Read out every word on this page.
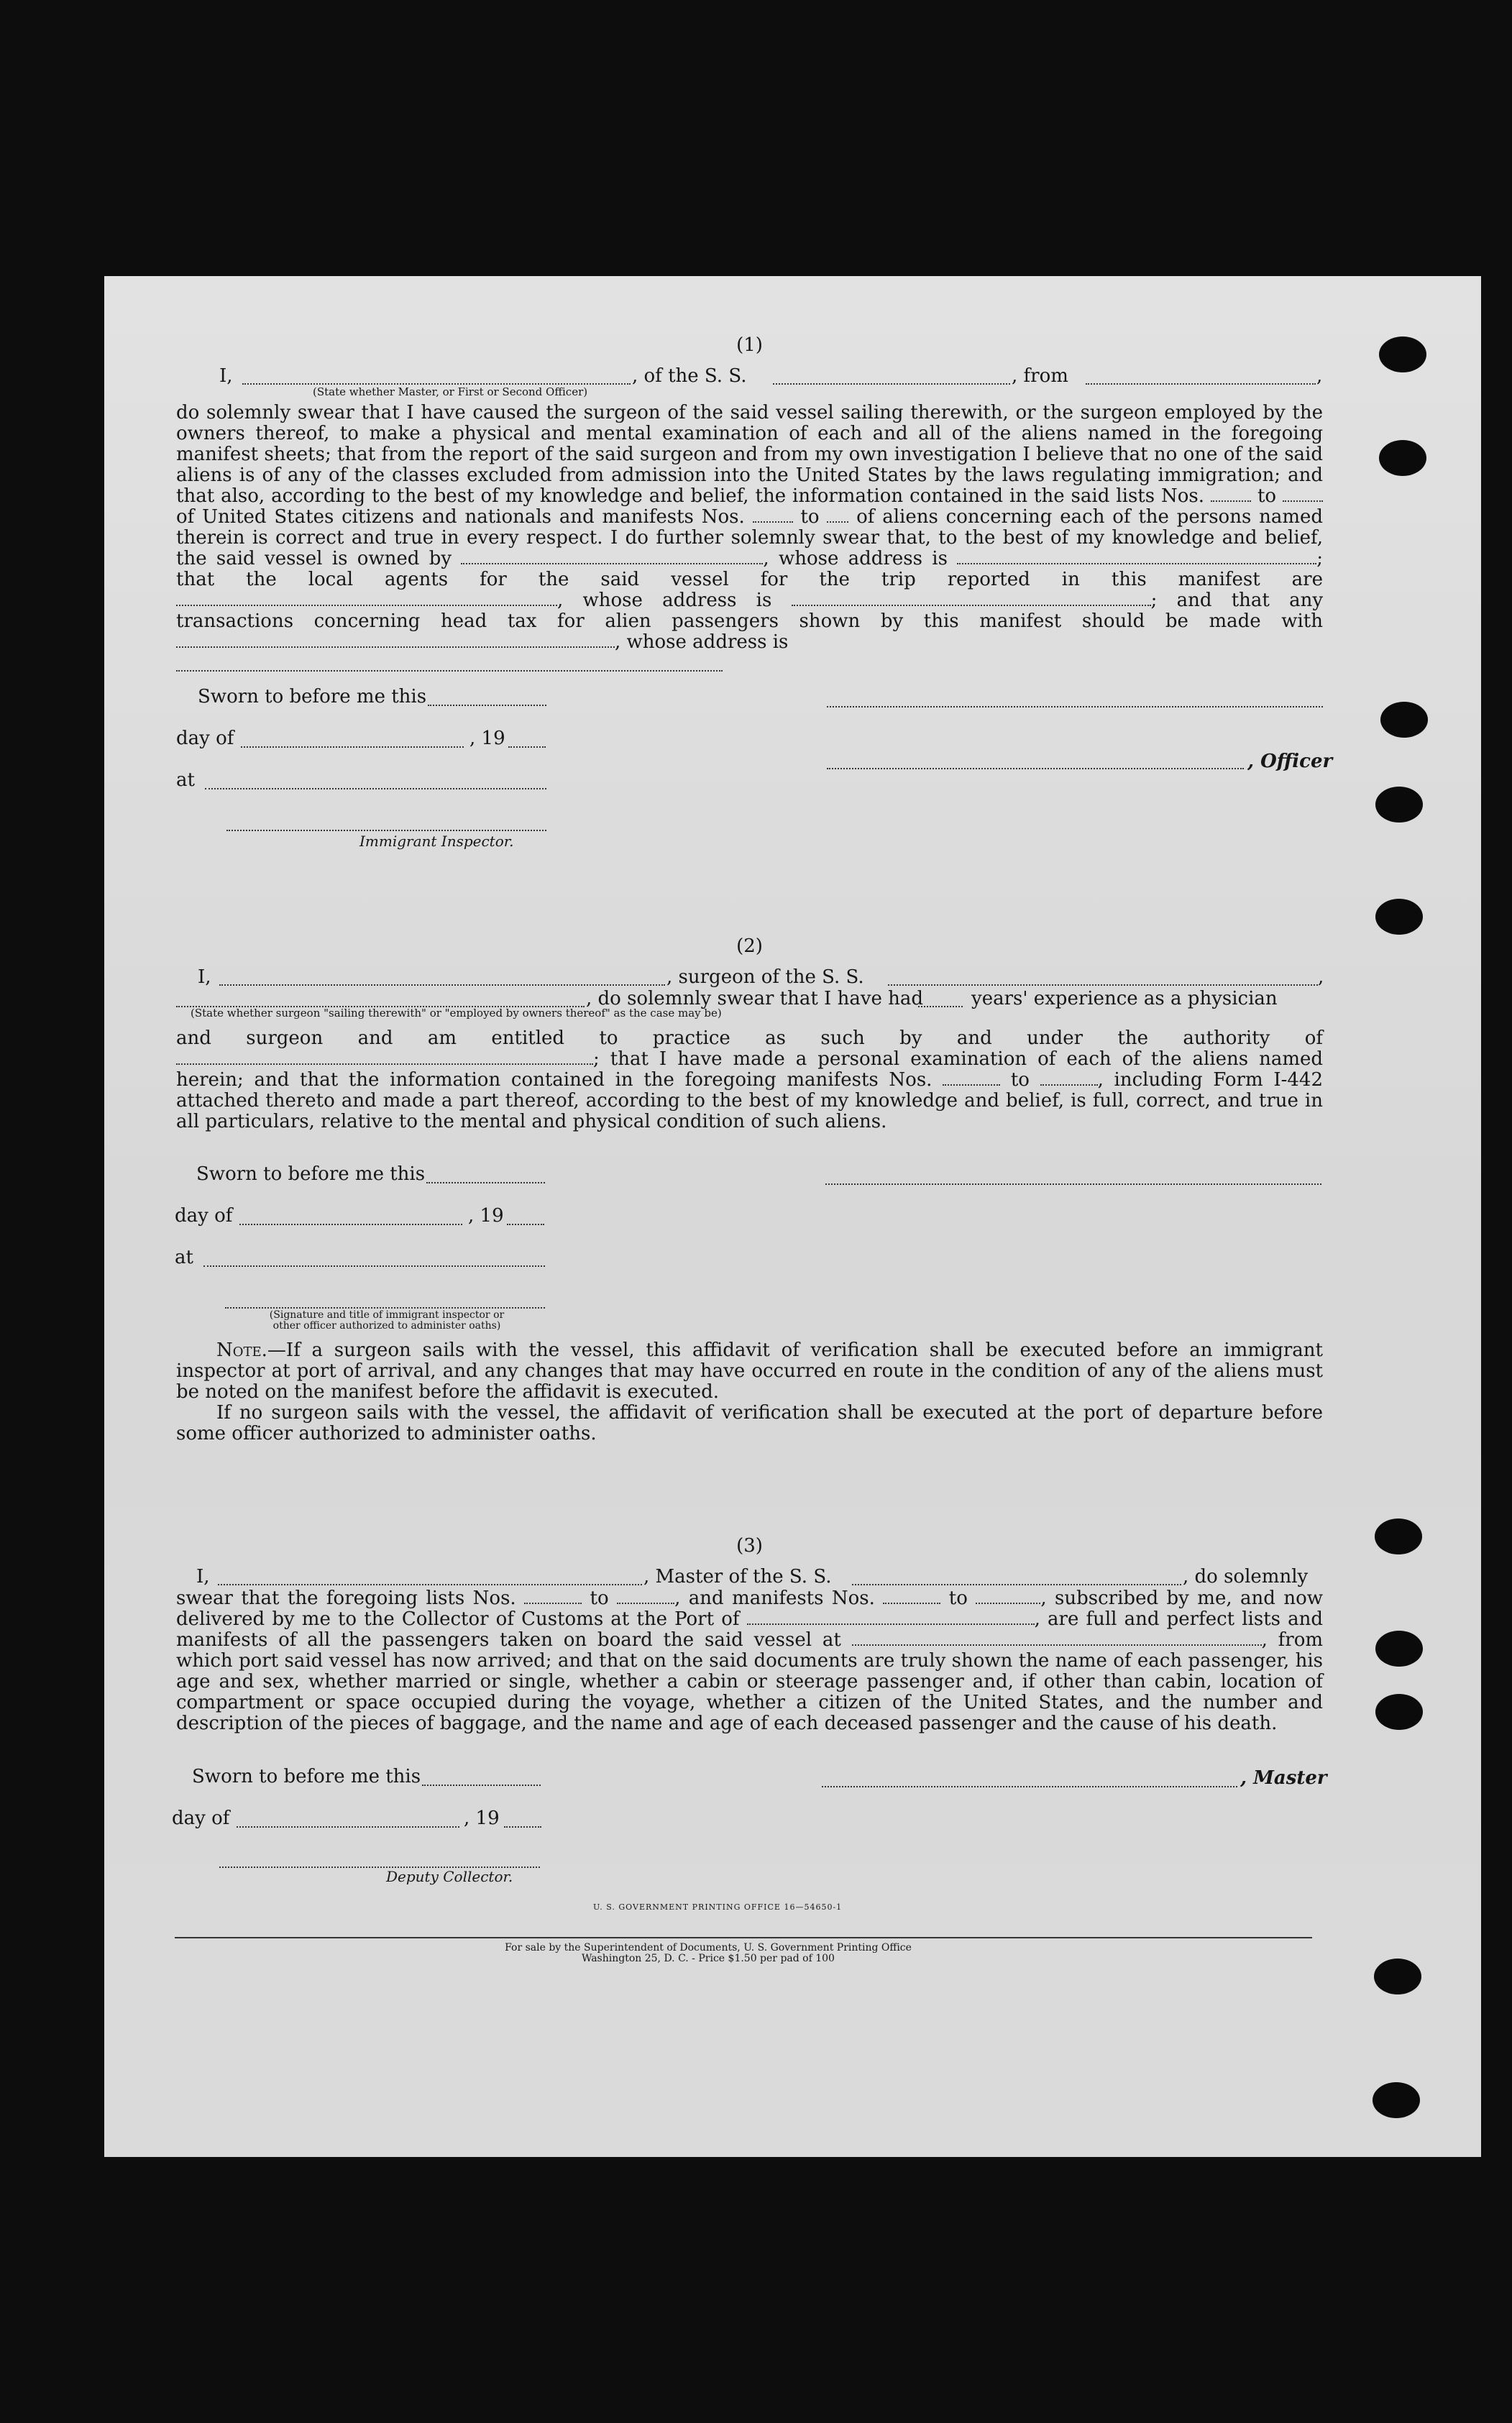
(1)
I,	, of the S. S.	, from	,
(State whether Master, or First or Second Officer)
do solemnly swear that I have caused the surgeon of the said vessel sailing therewith, or the surgeon employed by the owners thereof, to make a physical and mental examination of each and all of the aliens named in the foregoing manifest sheets; that from the report of the said surgeon and from my own investigation I believe that no one of the said aliens is of any of the classes excluded from admission into the United States by the laws regulating immigration; and that also, according to the best of my knowledge and belief, the information contained in the said lists Nos.	to  of United States citizens and nationals and manifests Nos.	to of aliens concerning each of the persons named therein is correct and true in every respect. I do further solemnly swear that, to the best of my knowledge and belief, the said vessel is owned by	, whose address is	; that the local agents for the said vessel for the trip reported in this manifest are , whose address is	; and that any transactions concerning head tax for alien passengers shown by this manifest should be made with , whose address is
Sworn to before me this
day of	, 19
at
Immigrant Inspector.
, Officer
(2)
I,	, surgeon of the S. S.	,
, do solemnly swear that I have had	years' experience as a physician
(State whether surgeon "sailing therewith" or "employed by owners thereof" as the case may be)
and surgeon and am entitled to practice as such by and under the authority of ; that I have made a personal examination of each of the aliens named herein; and that the information contained in the foregoing manifests Nos.	to	, including Form I-442 attached thereto and made a part thereof, according to the best of my knowledge and belief, is full, correct, and true in all particulars, relative to the mental and physical condition of such aliens.
Sworn to before me this
day of	, 19
at
(Signature and title of immigrant inspector or
other officer authorized to administer oaths)
Note.—If a surgeon sails with the vessel, this affidavit of verification shall be executed before an immigrant inspector at port of arrival, and any changes that may have occurred en route in the condition of any of the aliens must be noted on the manifest before the affidavit is executed.
If no surgeon sails with the vessel, the affidavit of verification shall be executed at the port of departure before some officer authorized to administer oaths.
(3)
I,	, Master of the S. S.	, do solemnly
swear that the foregoing lists Nos.	to	, and manifests Nos.	to	, subscribed by me, and now delivered by me to the Collector of Customs at the Port of	, are full and perfect lists and manifests of all the passengers taken on board the said vessel at	, from which port said vessel has now arrived; and that on the said documents are truly shown the name of each passenger, his age and sex, whether married or single, whether a cabin or steerage passenger and, if other than cabin, location of compartment or space occupied during the voyage, whether a citizen of the United States, and the number and description of the pieces of baggage, and the name and age of each deceased passenger and the cause of his death.
Sworn to before me this
day of	, 19
Deputy Collector.
, Master
U. S. GOVERNMENT PRINTING OFFICE 16—54650-1
For sale by the Superintendent of Documents, U. S. Government Printing Office
Washington 25, D. C. - Price $1.50 per pad of 100
